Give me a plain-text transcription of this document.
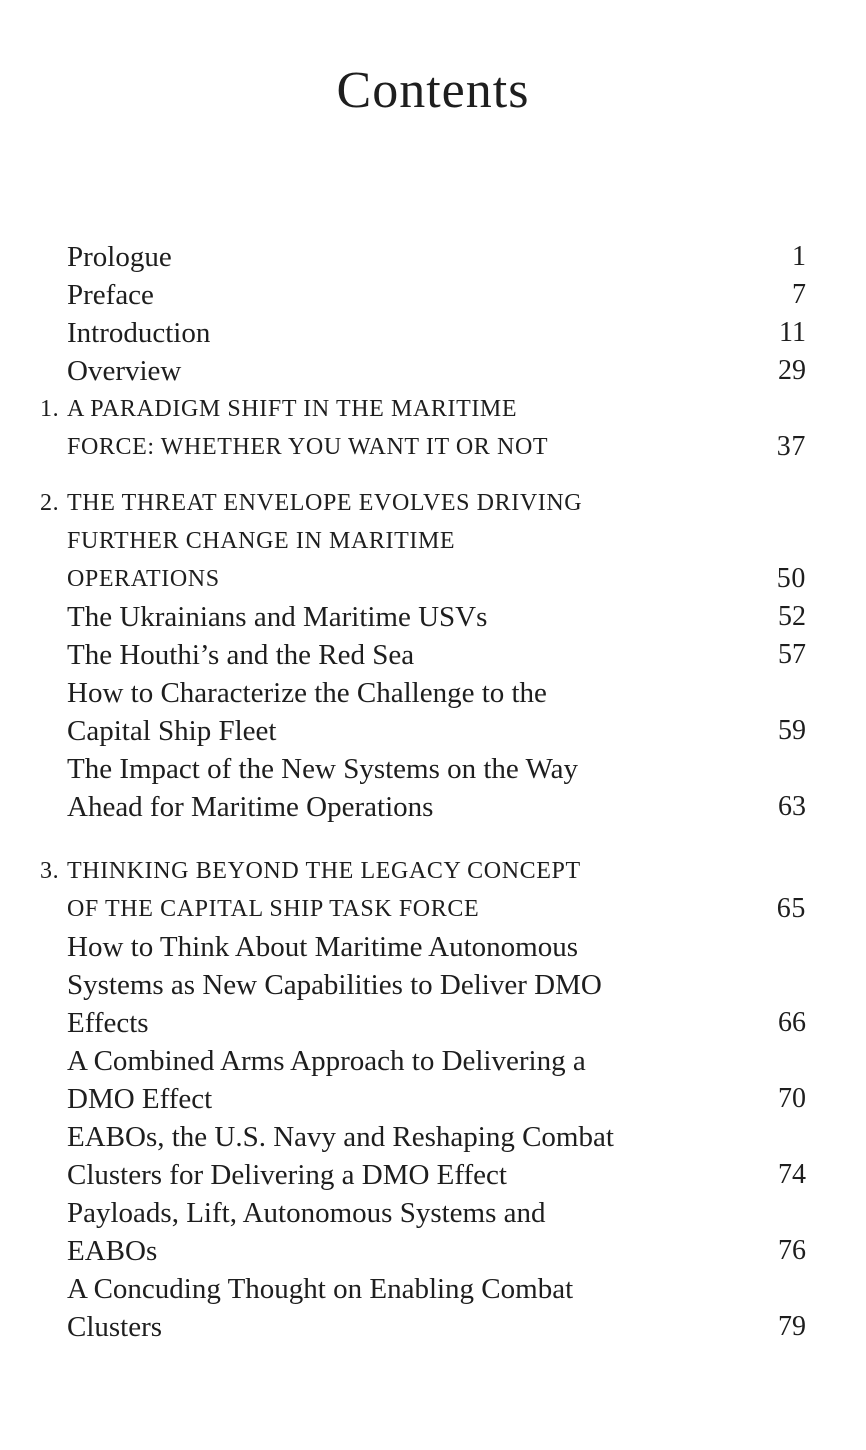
Contents
Prologue	1
Preface	7
Introduction	11
Overview	29
1. A PARADIGM SHIFT IN THE MARITIME
FORCE: WHETHER YOU WANT IT OR NOT	37
2. THE THREAT ENVELOPE EVOLVES DRIVING
FURTHER CHANGE IN MARITIME
OPERATIONS	50
The Ukrainians and Maritime USVs	52
The Houthi’s and the Red Sea	57
How to Characterize the Challenge to the
Capital Ship Fleet	59
The Impact of the New Systems on the Way
Ahead for Maritime Operations	63
3. THINKING BEYOND THE LEGACY CONCEPT
OF THE CAPITAL SHIP TASK FORCE	65
How to Think About Maritime Autonomous
Systems as New Capabilities to Deliver DMO
Effects	66
A Combined Arms Approach to Delivering a
DMO Effect	70
EABOs, the U.S. Navy and Reshaping Combat
Clusters for Delivering a DMO Effect	74
Payloads, Lift, Autonomous Systems and
EABOs	76
A Concuding Thought on Enabling Combat
Clusters	79
